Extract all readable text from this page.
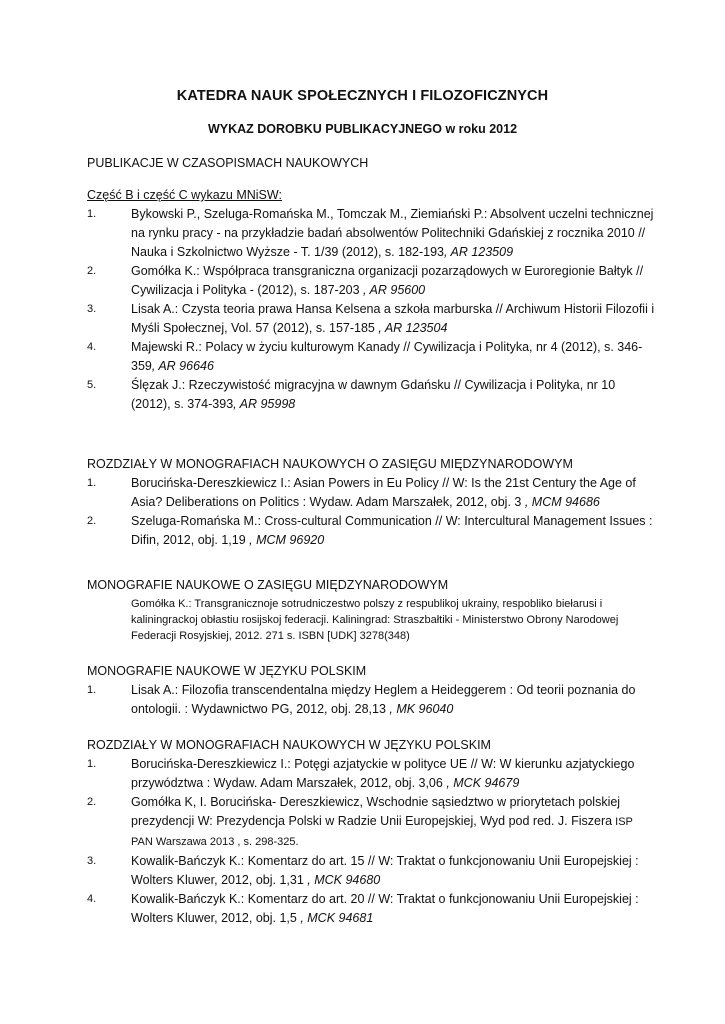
KATEDRA NAUK SPOŁECZNYCH I FILOZOFICZNYCH
WYKAZ DOROBKU PUBLIKACYJNEGO w roku 2012
PUBLIKACJE W CZASOPISMACH NAUKOWYCH
Część B i część C wykazu MNiSW:
1.	Bykowski P., Szeluga-Romańska M., Tomczak M., Ziemiański P.: Absolvent uczelni technicznej na rynku pracy - na przykładzie badań absolwentów Politechniki Gdańskiej z rocznika 2010 // Nauka i Szkolnictwo Wyższe - T. 1/39 (2012), s. 182-193, AR 123509
2.	Gomółka K.: Współpraca transgraniczna organizacji pozarządowych w Euroregionie Bałtyk // Cywilizacja i Polityka - (2012), s. 187-203 , AR 95600
3.	Lisak A.: Czysta teoria prawa Hansa Kelsena a szkoła marburska // Archiwum Historii Filozofii i Myśli Społecznej, Vol. 57 (2012), s. 157-185 , AR 123504
4.	Majewski R.: Polacy w życiu kulturowym Kanady // Cywilizacja i Polityka, nr 4 (2012), s. 346-359, AR 96646
5.	Ślęzak J.: Rzeczywistość migracyjna w dawnym Gdańsku // Cywilizacja i Polityka, nr 10 (2012), s. 374-393, AR 95998
ROZDZIAŁY W MONOGRAFIACH NAUKOWYCH O ZASIĘGU MIĘDZYNARODOWYM
1.	Borucińska-Dereszkiewicz I.: Asian Powers in Eu Policy // W: Is the 21st Century the Age of Asia? Deliberations on Politics : Wydaw. Adam Marszałek, 2012, obj. 3 , MCM 94686
2.	Szeluga-Romańska M.: Cross-cultural Communication // W: Intercultural Management Issues : Difin, 2012, obj. 1,19 , MCM 96920
MONOGRAFIE NAUKOWE O ZASIĘGU MIĘDZYNARODOWYM
Gomółka K.: Transgranicznoje sotrudniczestwo polszy z respublikoj ukrainy, respobliko biełarusi i kaliningrackoj obłastiu rosijskoj federacji. Kaliningrad: Straszbałtiki - Ministerstwo Obrony Narodowej Federacji Rosyjskiej, 2012. 271 s. ISBN [UDK] 3278(348)
MONOGRAFIE NAUKOWE W JĘZYKU POLSKIM
1.	Lisak A.: Filozofia transcendentalna między Heglem a Heideggerem : Od teorii poznania do ontologii. : Wydawnictwo PG, 2012, obj. 28,13 , MK 96040
ROZDZIAŁY W MONOGRAFIACH NAUKOWYCH W JĘZYKU POLSKIM
1.	Borucińska-Dereszkiewicz I.: Potęgi azjatyckie w polityce UE // W: W kierunku azjatyckiego przywództwa : Wydaw. Adam Marszałek, 2012, obj. 3,06 , MCK 94679
2.	Gomółka K, I. Borucińska- Dereszkiewicz, Wschodnie sąsiedztwo w priorytetach polskiej prezydencji W: Prezydencja Polski w Radzie Unii Europejskiej, Wyd pod red. J. Fiszera ISP PAN Warszawa 2013 , s. 298-325.
3.	Kowalik-Bańczyk K.: Komentarz do art. 15 // W: Traktat o funkcjonowaniu Unii Europejskiej : Wolters Kluwer, 2012, obj. 1,31 , MCK 94680
4.	Kowalik-Bańczyk K.: Komentarz do art. 20 // W: Traktat o funkcjonowaniu Unii Europejskiej : Wolters Kluwer, 2012, obj. 1,5 , MCK 94681
